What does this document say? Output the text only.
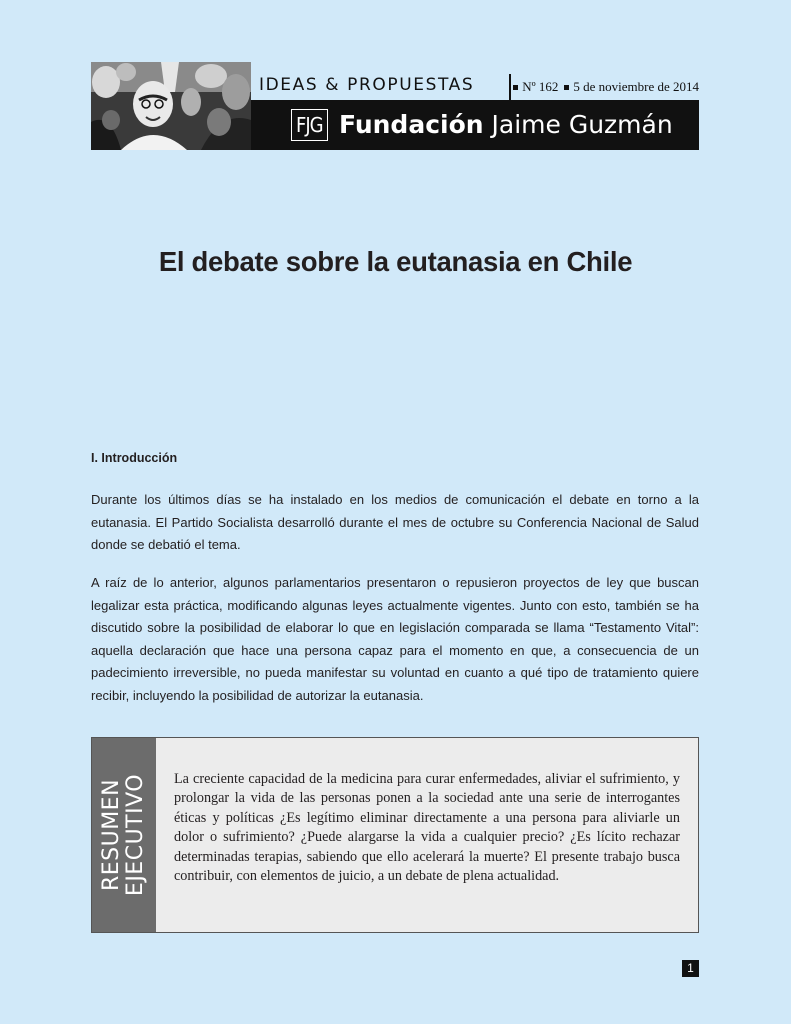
IDEAS & PROPUESTAS	Nº 162 5 de noviembre de 2014
FJG Fundación Jaime Guzmán
El debate sobre la eutanasia en Chile
I. Introducción

Durante los últimos días se ha instalado en los medios de comunicación el debate en torno a la eutanasia. El Partido Socialista desarrolló durante el mes de octubre su Conferencia Nacional de Salud donde se debatió el tema.

A raíz de lo anterior, algunos parlamentarios presentaron o repusieron proyectos de ley que buscan legalizar esta práctica, modificando algunas leyes actualmente vigentes. Junto con esto, también se ha discutido sobre la posibilidad de elaborar lo que en legislación comparada se llama “Testamento Vital”: aquella declaración que hace una persona capaz para el momento en que, a consecuencia de un padecimiento irreversible, no pueda manifestar su voluntad en cuanto a qué tipo de tratamiento quiere recibir, incluyendo la posibilidad de autorizar la eutanasia.

RESUMEN EJECUTIVO La creciente capacidad de la medicina para curar enfermedades, aliviar el sufrimiento, y prolongar la vida de las personas ponen a la sociedad ante una serie de interrogantes éticas y políticas ¿Es legítimo eliminar directamente a una persona para aliviarle un dolor o sufrimiento? ¿Puede alargarse la vida a cualquier precio? ¿Es lícito rechazar determinadas terapias, sabiendo que ello acelerará la muerte? El presente trabajo busca contribuir, con elementos de juicio, a un debate de plena actualidad.

1
